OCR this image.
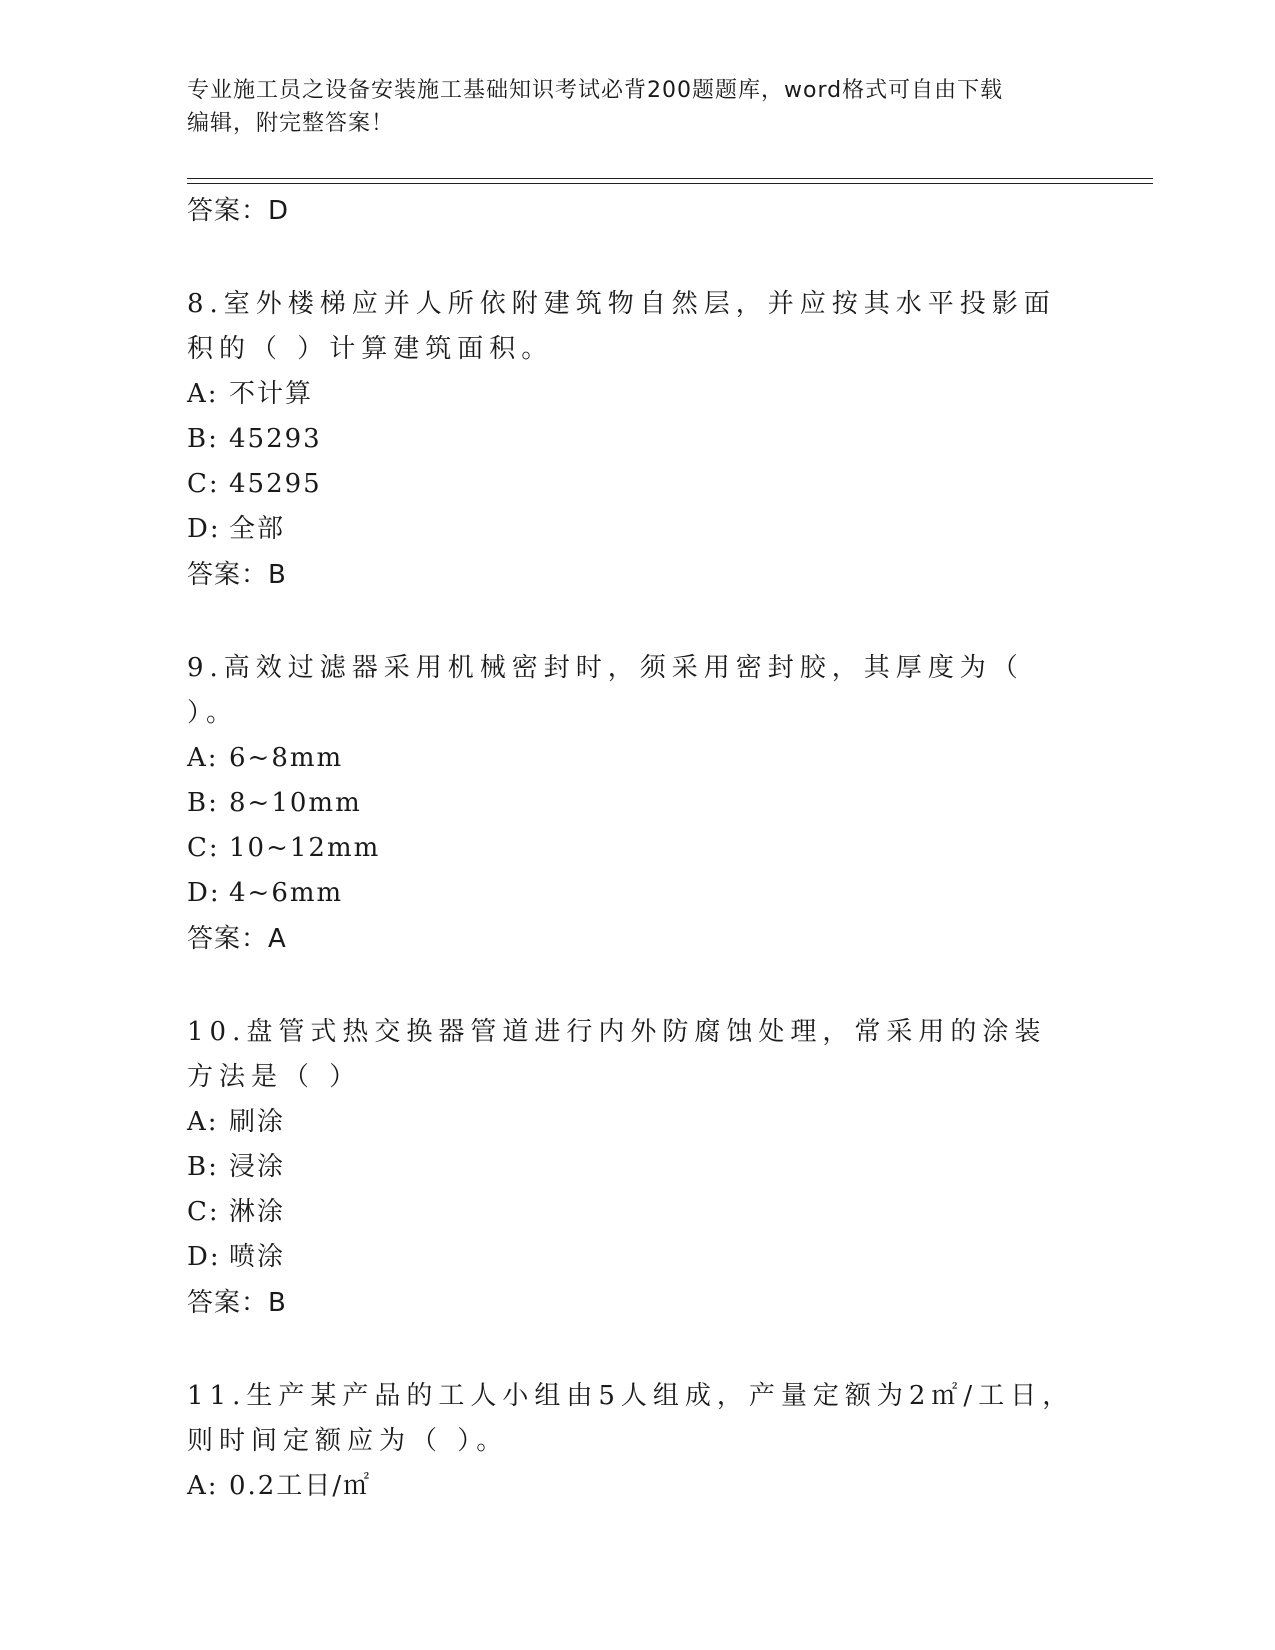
专业施工员之设备安装施工基础知识考试必背200题题库，word格式可自由下载
编辑，附完整答案！
答案：D
8.室外楼梯应并人所依附建筑物自然层，并应按其水平投影面积的（ ）计算建筑面积。
A: 不计算
B: 45293
C: 45295
D: 全部
答案：B
9.高效过滤器采用机械密封时，须采用密封胶，其厚度为（ ）。
A: 6~8mm
B: 8~10mm
C: 10~12mm
D: 4~6mm
答案：A
10.盘管式热交换器管道进行内外防腐蚀处理，常采用的涂装方法是（ ）
A: 刷涂
B: 浸涂
C: 淋涂
D: 喷涂
答案：B
11.生产某产品的工人小组由5人组成，产量定额为2㎡/工日，则时间定额应为（ ）。
A: 0.2工日/㎡
